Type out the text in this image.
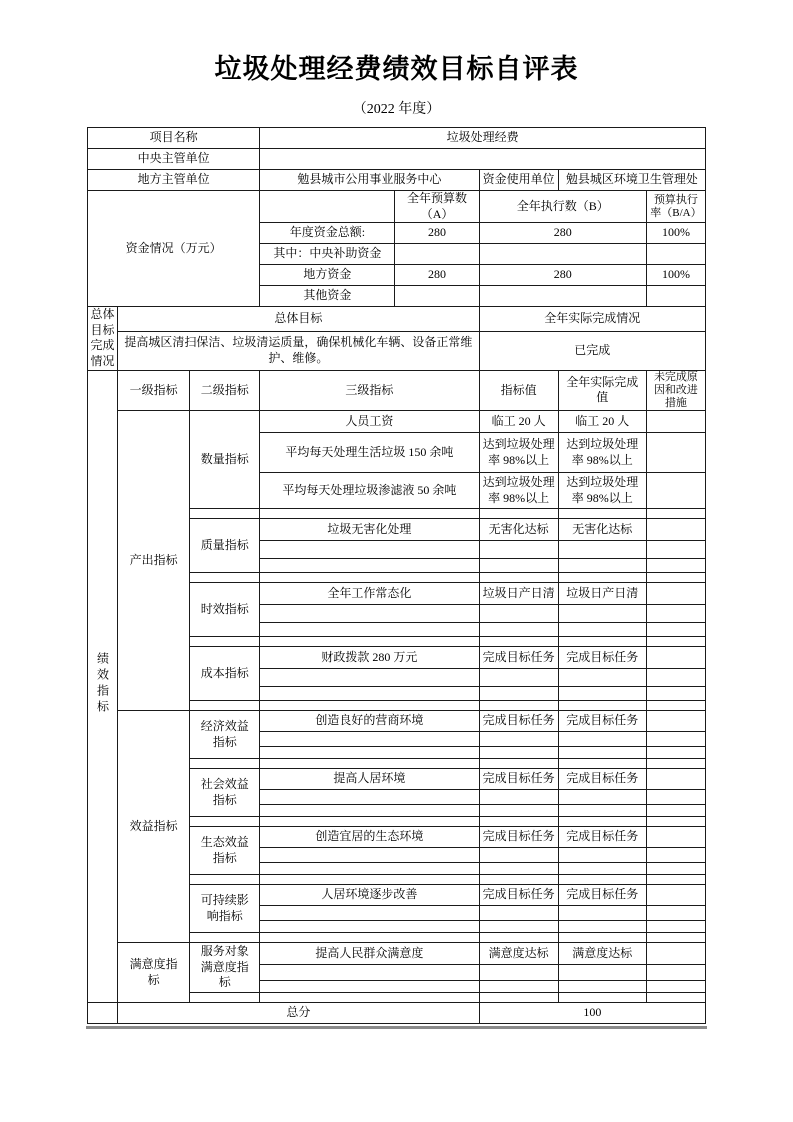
垃圾处理经费绩效目标自评表
（2022 年度）
项目名称	垃圾处理经费		
中央主管单位			
地方主管单位	勉县城市公用事业服务中心	资金使用单位	勉县城区环境卫生管理处
资金情况（万元）		全年预算数（A）	全年执行数（B）	预算执行率（B/A）
	年度资金总额:	280	280	100%
	其中：中央补助资金			
	地方资金	280	280	100%
	其他资金			
总体目标完成情况	总体目标	全年实际完成情况
	提高城区清扫保洁、垃圾清运质量，确保机械化车辆、设备正常维护、维修。	已完成
绩效指标	一级指标	二级指标	三级指标	指标值	全年实际完成值	未完成原因和改进措施
	产出指标	数量指标	人员工资	临工 20 人	临工 20 人	
			平均每天处理生活垃圾 150 余吨	达到垃圾处理率 98%以上	达到垃圾处理率 98%以上	
			平均每天处理垃圾渗滤液 50 余吨	达到垃圾处理率 98%以上	达到垃圾处理率 98%以上	

		质量指标	垃圾无害化处理	无害化达标	无害化达标	

		时效指标	全年工作常态化	垃圾日产日清	垃圾日产日清	

		成本指标	财政拨款 280 万元	完成目标任务	完成目标任务	

	效益指标	经济效益指标	创造良好的营商环境	完成目标任务	完成目标任务	

		社会效益指标	提高人居环境	完成目标任务	完成目标任务	

		生态效益指标	创造宜居的生态环境	完成目标任务	完成目标任务	

		可持续影响指标	人居环境逐步改善	完成目标任务	完成目标任务	

	满意度指标	服务对象满意度指标	提高人民群众满意度	满意度达标	满意度达标	

	总分	100
